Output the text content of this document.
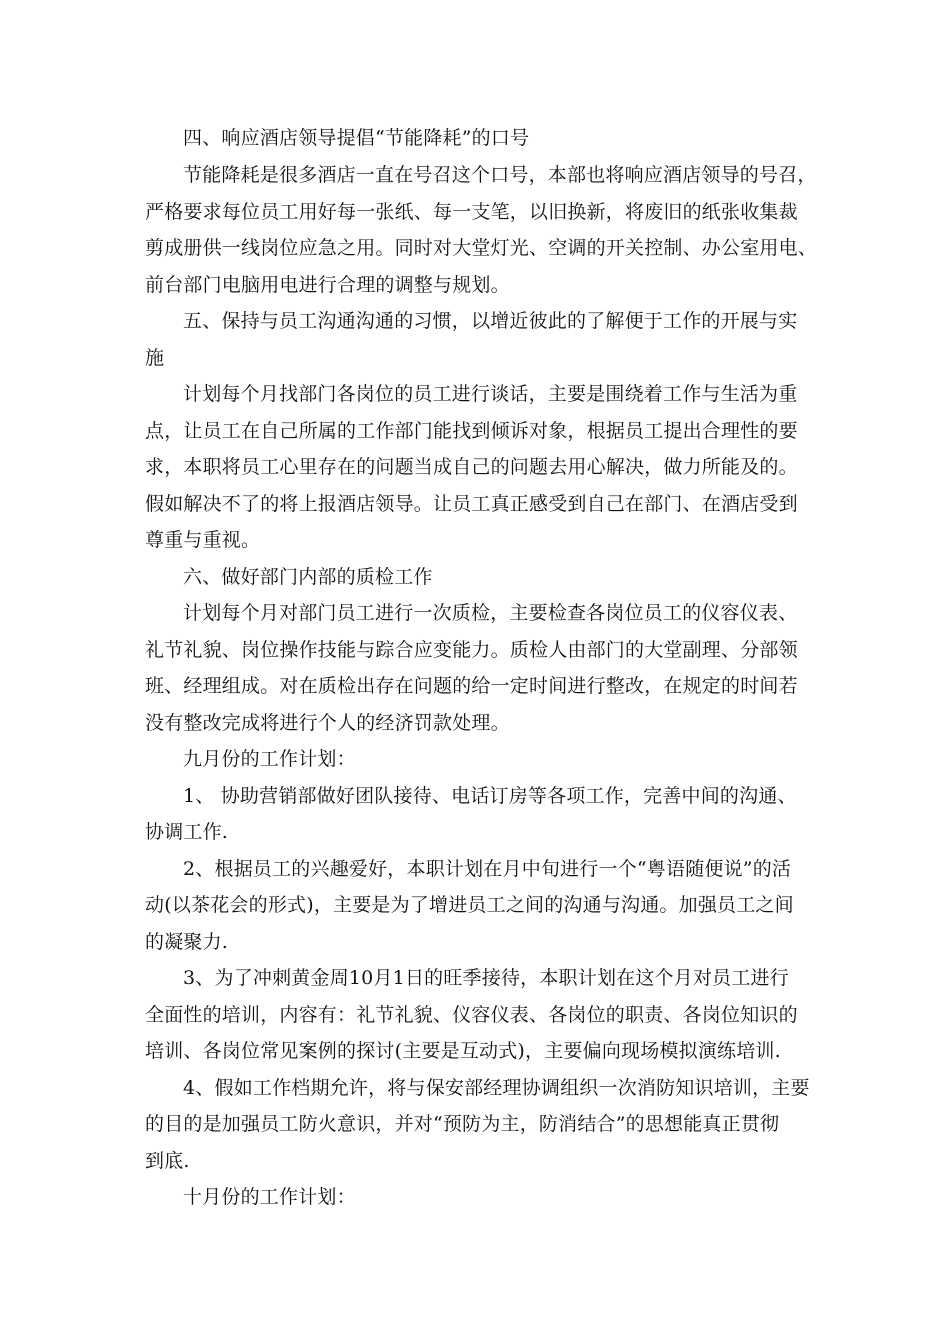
四、响应酒店领导提倡“节能降耗”的口号
节能降耗是很多酒店一直在号召这个口号，本部也将响应酒店领导的号召，
严格要求每位员工用好每一张纸、每一支笔，以旧换新，将废旧的纸张收集裁
剪成册供一线岗位应急之用。同时对大堂灯光、空调的开关控制、办公室用电、
前台部门电脑用电进行合理的调整与规划。
五、保持与员工沟通沟通的习惯，以增近彼此的了解便于工作的开展与实
施
计划每个月找部门各岗位的员工进行谈话，主要是围绕着工作与生活为重
点，让员工在自己所属的工作部门能找到倾诉对象，根据员工提出合理性的要
求，本职将员工心里存在的问题当成自己的问题去用心解决，做力所能及的。
假如解决不了的将上报酒店领导。让员工真正感受到自己在部门、在酒店受到
尊重与重视。
六、做好部门内部的质检工作
计划每个月对部门员工进行一次质检，主要检查各岗位员工的仪容仪表、
礼节礼貌、岗位操作技能与踪合应变能力。质检人由部门的大堂副理、分部领
班、经理组成。对在质检出存在问题的给一定时间进行整改，在规定的时间若
没有整改完成将进行个人的经济罚款处理。
九月份的工作计划：
1、 协助营销部做好团队接待、电话订房等各项工作，完善中间的沟通、
协调工作.
2、根据员工的兴趣爱好，本职计划在月中旬进行一个“粤语随便说”的活
动(以茶花会的形式)，主要是为了增进员工之间的沟通与沟通。加强员工之间
的凝聚力.
3、为了冲刺黄金周10月1日的旺季接待，本职计划在这个月对员工进行
全面性的培训，内容有：礼节礼貌、仪容仪表、各岗位的职责、各岗位知识的
培训、各岗位常见案例的探讨(主要是互动式)，主要偏向现场模拟演练培训.
4、假如工作档期允许，将与保安部经理协调组织一次消防知识培训，主要
的目的是加强员工防火意识，并对“预防为主，防消结合”的思想能真正贯彻
到底.
十月份的工作计划：
